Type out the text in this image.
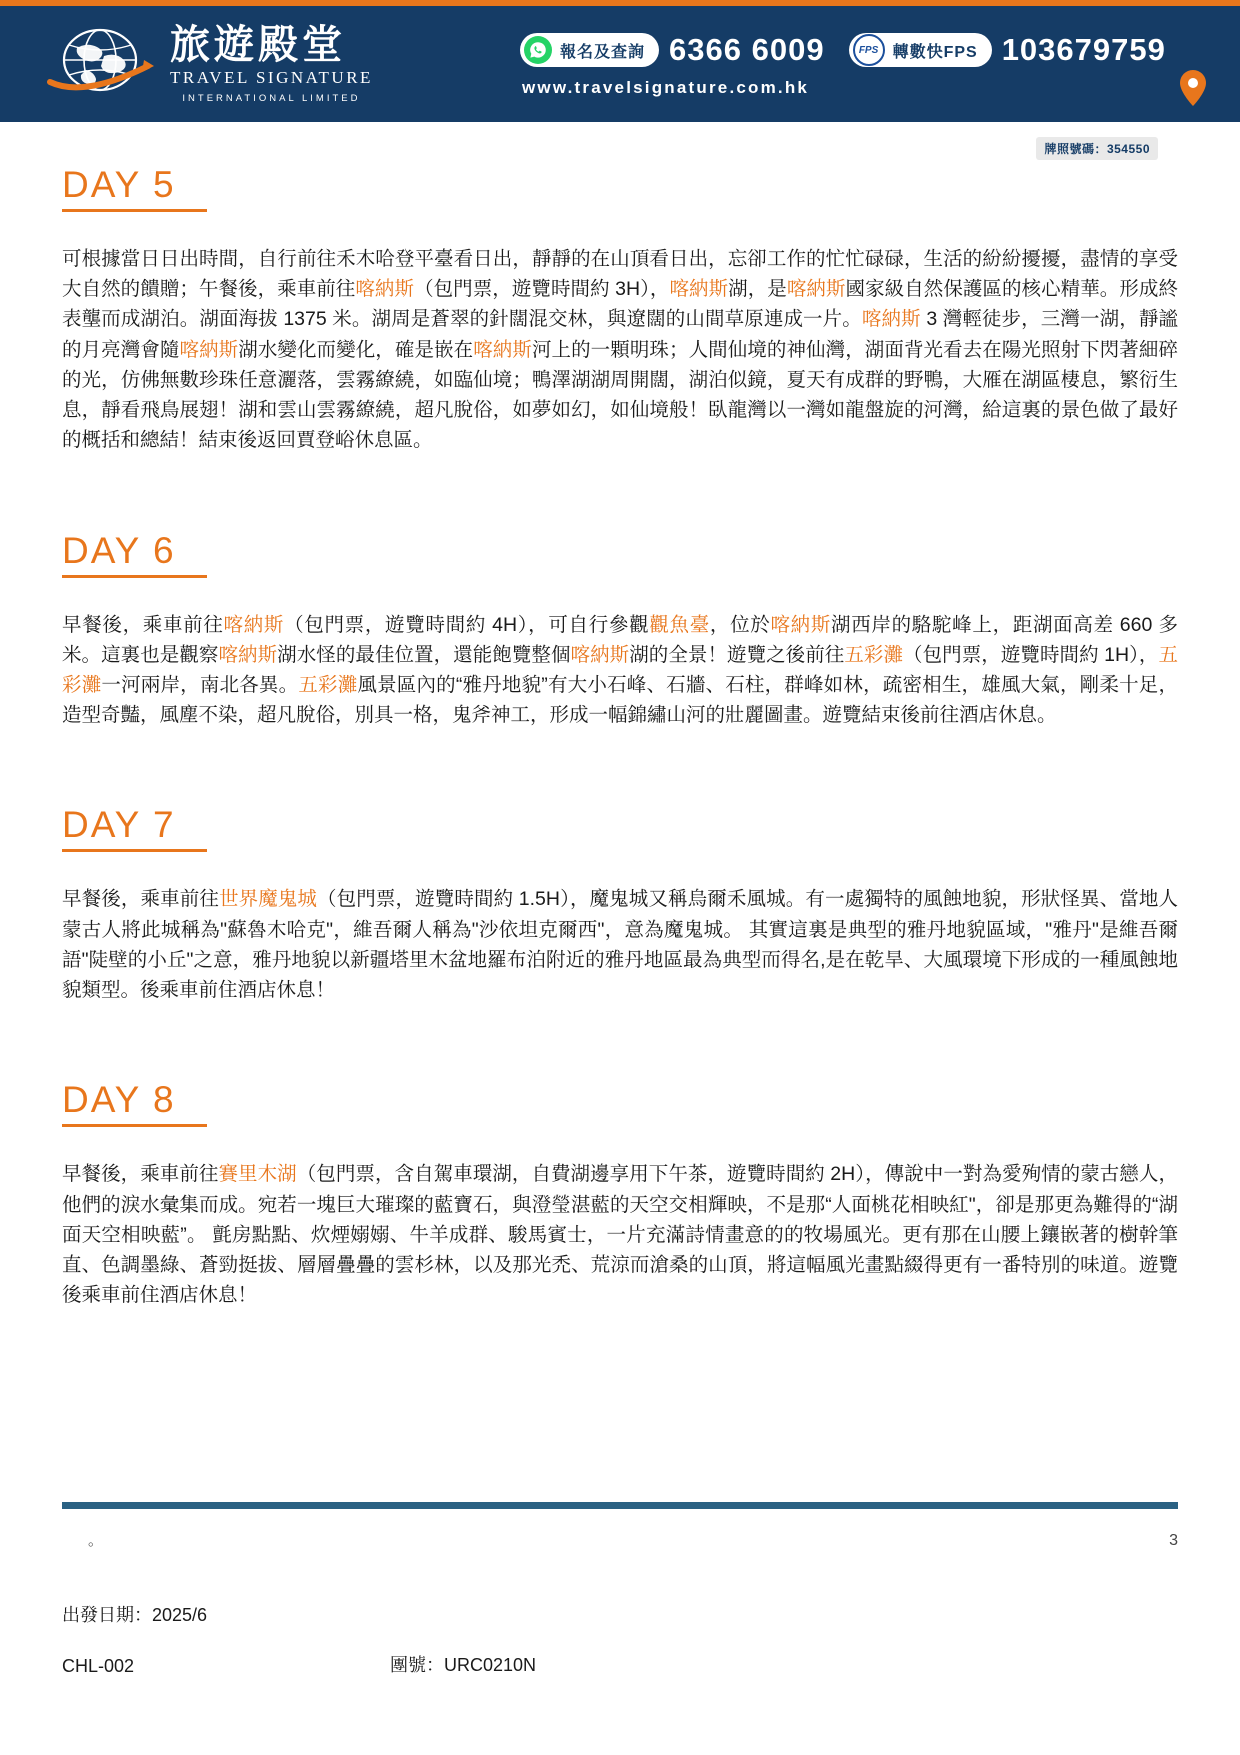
旅遊殿堂
TRAVEL SIGNATURE
INTERNATIONAL LIMITED
報名及查詢 6366 6009	FPS 轉數快FPS 103679759
www.travelsignature.com.hk
牌照號碼：354550
DAY 5

可根據當日日出時間，自行前往禾木哈登平臺看日出，靜靜的在山頂看日出，忘卻工作的忙忙碌碌，生活的紛紛擾擾，盡情的享受大自然的饋贈；午餐後，乘車前往喀納斯（包門票，遊覽時間約 3H），喀納斯湖，是喀納斯國家級自然保護區的核心精華。形成終表壟而成湖泊。湖面海拔 1375 米。湖周是蒼翠的針闊混交林，與遼闊的山間草原連成一片。喀納斯 3 灣輕徒步，三灣一湖，靜謐的月亮灣會隨喀納斯湖水變化而變化，確是嵌在喀納斯河上的一顆明珠；人間仙境的神仙灣，湖面背光看去在陽光照射下閃著細碎的光，仿佛無數珍珠任意灑落，雲霧繚繞，如臨仙境；鴨澤湖湖周開闊，湖泊似鏡，夏天有成群的野鴨，大雁在湖區棲息，繁衍生息，靜看飛鳥展翅！湖和雲山雲霧繚繞，超凡脫俗，如夢如幻，如仙境般！臥龍灣以一灣如龍盤旋的河灣，給這裏的景色做了最好的概括和總結！結束後返回賈登峪休息區。

DAY 6

早餐後，乘車前往喀納斯（包門票，遊覽時間約 4H），可自行參觀觀魚臺，位於喀納斯湖西岸的駱駝峰上，距湖面高差 660 多米。這裏也是觀察喀納斯湖水怪的最佳位置，還能飽覽整個喀納斯湖的全景！遊覽之後前往五彩灘（包門票，遊覽時間約 1H），五彩灘一河兩岸，南北各異。五彩灘風景區內的“雅丹地貌”有大小石峰、石牆、石柱，群峰如林，疏密相生，雄風大氣，剛柔十足，造型奇豔，風塵不染，超凡脫俗，別具一格，鬼斧神工，形成一幅錦繡山河的壯麗圖畫。遊覽結束後前往酒店休息。

DAY 7

早餐後，乘車前往世界魔鬼城（包門票，遊覽時間約 1.5H），魔鬼城又稱烏爾禾風城。有一處獨特的風蝕地貌，形狀怪異、當地人蒙古人將此城稱為"蘇魯木哈克"，維吾爾人稱為"沙依坦克爾西"，意為魔鬼城。 其實這裏是典型的雅丹地貌區域，"雅丹"是維吾爾語"陡壁的小丘"之意，雅丹地貌以新疆塔里木盆地羅布泊附近的雅丹地區最為典型而得名,是在乾旱、大風環境下形成的一種風蝕地貌類型。後乘車前住酒店休息！

DAY 8

早餐後，乘車前往賽里木湖（包門票，含自駕車環湖，自費湖邊享用下午茶，遊覽時間約 2H），傳說中一對為愛殉情的蒙古戀人，他們的淚水彙集而成。宛若一塊巨大璀璨的藍寶石，與澄瑩湛藍的天空交相輝映，不是那“人面桃花相映紅"，卻是那更為難得的“湖面天空相映藍”。 氈房點點、炊煙嫋嫋、牛羊成群、駿馬賓士，一片充滿詩情畫意的的牧場風光。更有那在山腰上鑲嵌著的樹幹筆直、色調墨綠、蒼勁挺拔、層層疊疊的雲杉林，以及那光禿、荒涼而滄桑的山頂，將這幅風光畫點綴得更有一番特別的味道。遊覽後乘車前住酒店休息！

。	3
出發日期：2025/6
CHL-002	團號：URC0210N
